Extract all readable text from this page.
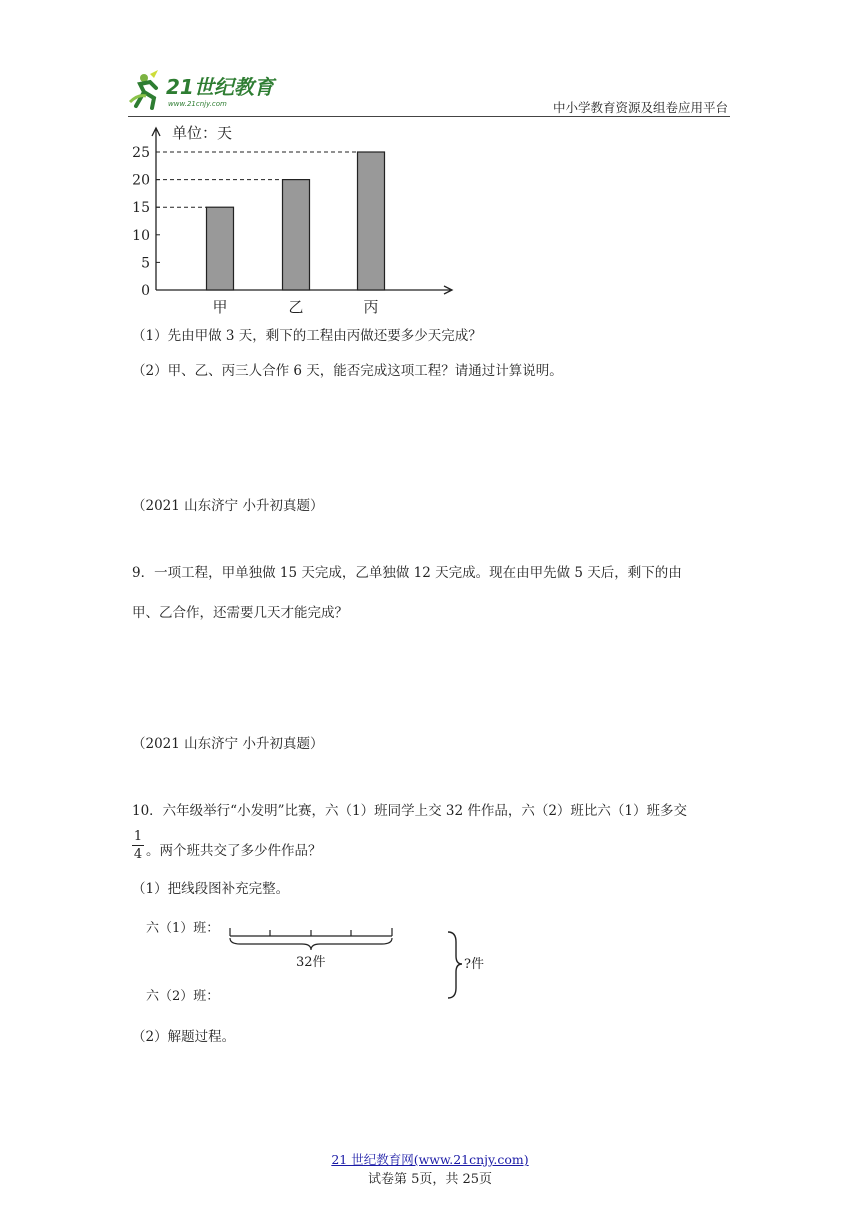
21世纪教育
www.21cnjy.com	中小学教育资源及组卷应用平台
单位：天
0
5
10
15
20
25
甲	乙	丙
（1）先由甲做 3 天，剩下的工程由丙做还要多少天完成？
（2）甲、乙、丙三人合作 6 天，能否完成这项工程？请通过计算说明。
（2021 山东济宁 小升初真题）
9．一项工程，甲单独做 15 天完成，乙单独做 12 天完成。现在由甲先做 5 天后，剩下的由
甲、乙合作，还需要几天才能完成？
（2021 山东济宁 小升初真题）
10．六年级举行“小发明”比赛，六（1）班同学上交 32 件作品，六（2）班比六（1）班多交
1
4 。两个班共交了多少件作品？
（1）把线段图补充完整。
六（1）班：
六（2）班：
32件	?件
（2）解题过程。
21 世纪教育网(www.21cnjy.com)
试卷第 5页，共 25页
